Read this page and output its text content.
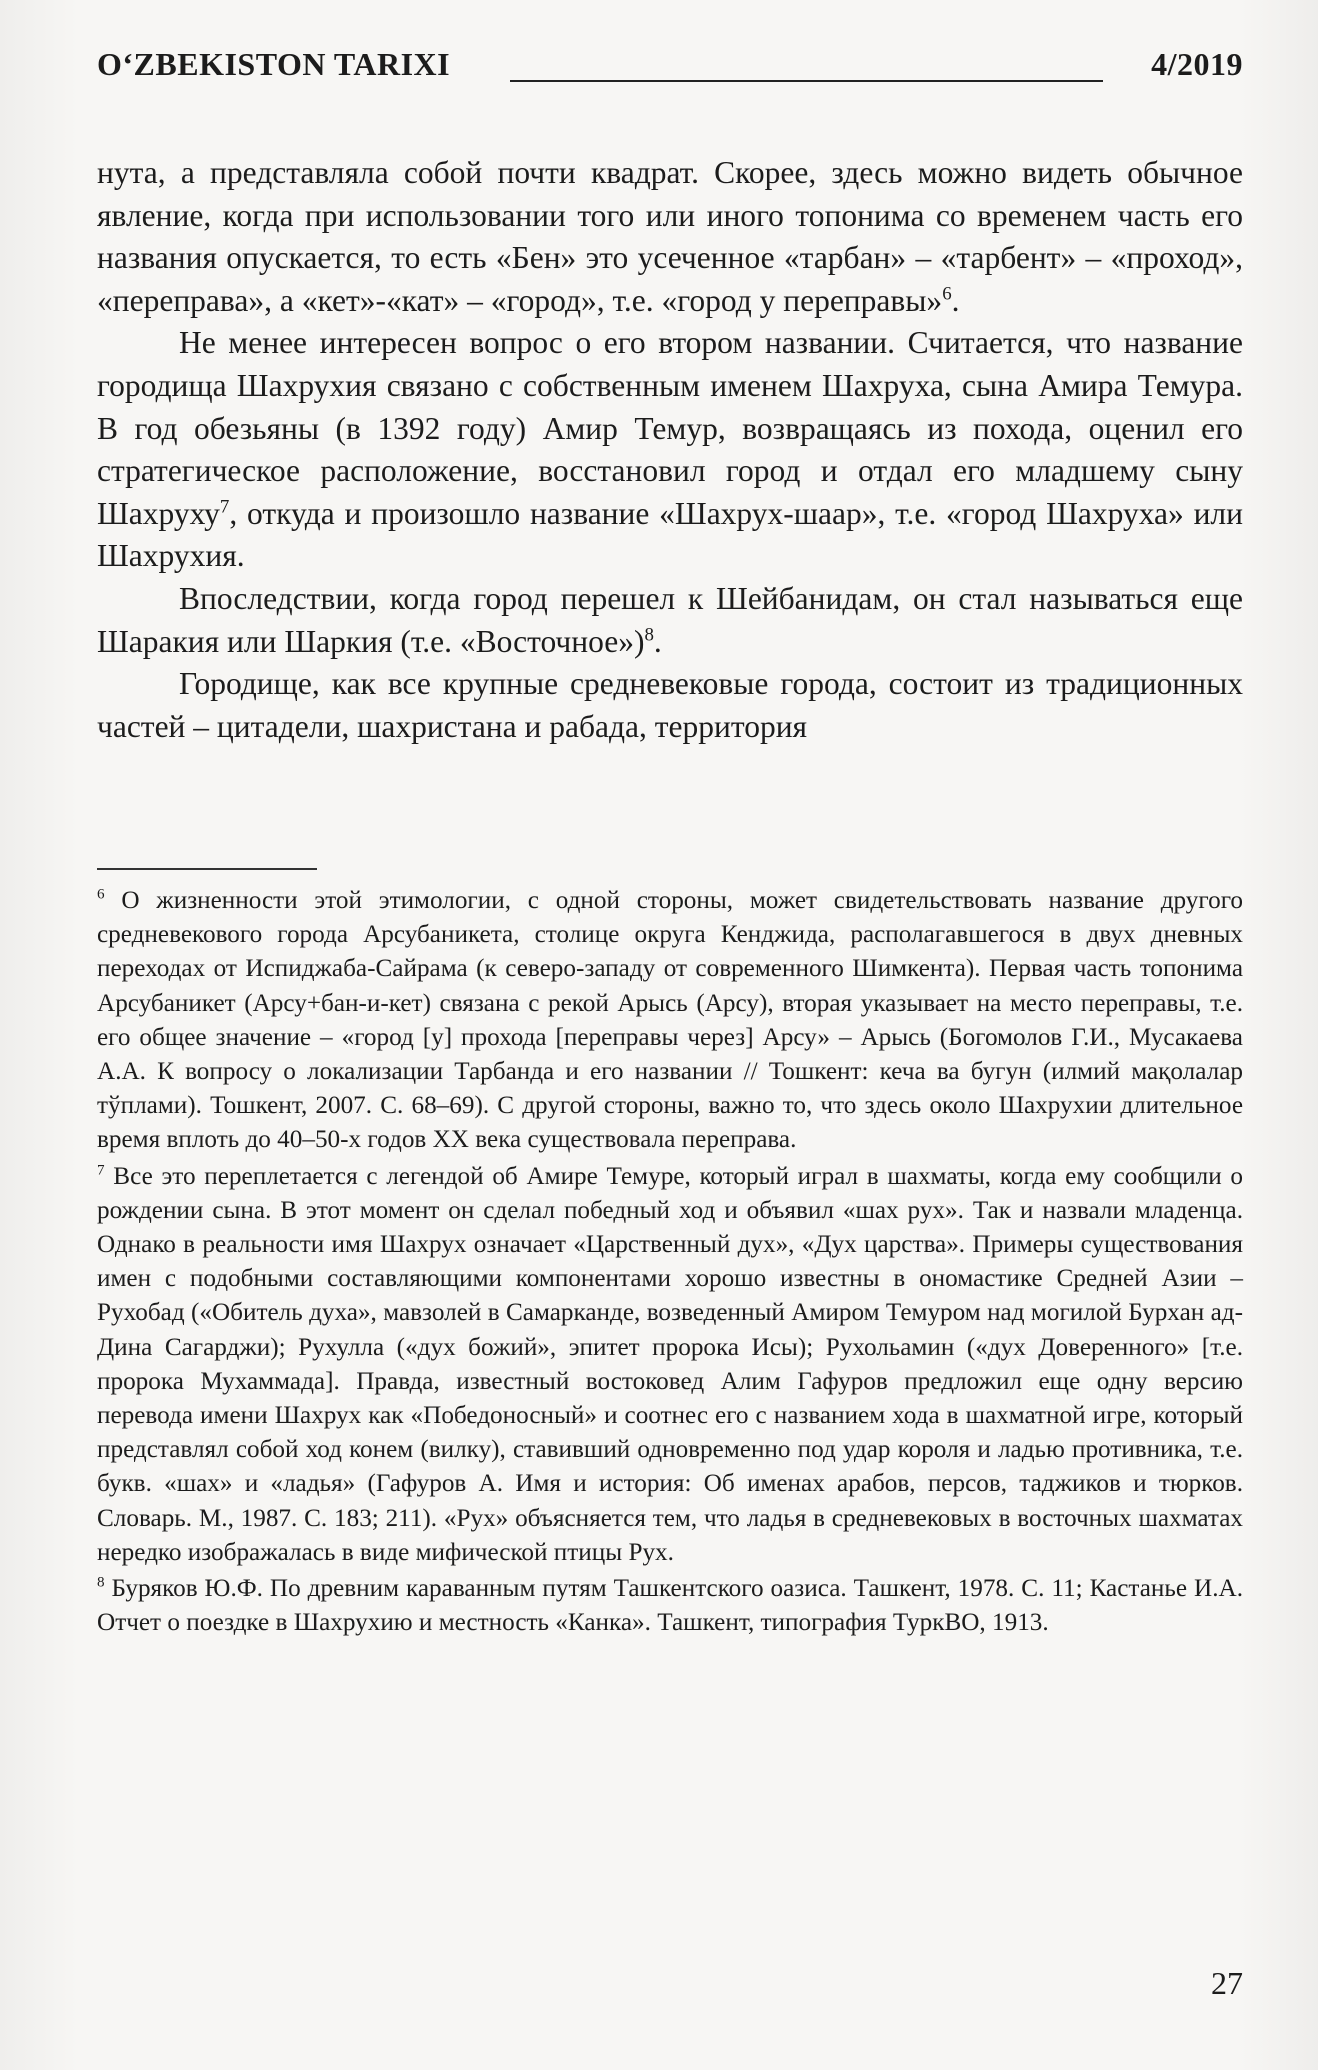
O‘ZBEKISTON TARIXI	4/2019

нута, а представляла собой почти квадрат. Скорее, здесь можно видеть обычное явление, когда при использовании того или иного топонима со временем часть его названия опускается, то есть «Бен» это усеченное «тарбан» – «тарбент» – «проход», «переправа», а «кет»-«кат» – «город», т.е. «город у переправы»$^6$.

Не менее интересен вопрос о его втором названии. Считается, что название городища Шахрухия связано с собственным именем Шахруха, сына Амира Темура. В год обезьяны (в 1392 году) Амир Темур, возвращаясь из похода, оценил его стратегическое расположение, восстановил город и отдал его младшему сыну Шахруху$^7$, откуда и произошло название «Шахрух-шаар», т.е. «город Шахруха» или Шахрухия.

Впоследствии, когда город перешел к Шейбанидам, он стал называться еще Шаракия или Шаркия (т.е. «Восточное»)$^8$.

Городище, как все крупные средневековые города, состоит из традиционных частей – цитадели, шахристана и рабада, территория

$^6$ О жизненности этой этимологии, с одной стороны, может свидетельствовать название другого средневекового города Арсубаникета, столице округа Кенджида, располагавшегося в двух дневных переходах от Испиджаба-Сайрама (к северо-западу от современного Шимкента). Первая часть топонима Арсубаникет (Арсу+бан-и-кет) связана с рекой Арысь (Арсу), вторая указывает на место переправы, т.е. его общее значение – «город [у] прохода [переправы через] Арсу» – Арысь (Богомолов Г.И., Мусакаева А.А. К вопросу о локализации Тарбанда и его названии // Тошкент: кеча ва бугун (илмий мақолалар тўплами). Тошкент, 2007. С. 68–69). С другой стороны, важно то, что здесь около Шахрухии длительное время вплоть до 40–50-х годов XX века существовала переправа.

$^7$ Все это переплетается с легендой об Амире Темуре, который играл в шахматы, когда ему сообщили о рождении сына. В этот момент он сделал победный ход и объявил «шах рух». Так и назвали младенца. Однако в реальности имя Шахрух означает «Царственный дух», «Дух царства». Примеры существования имен с подобными составляющими компонентами хорошо известны в ономастике Средней Азии – Рухобад («Обитель духа», мавзолей в Самарканде, возведенный Амиром Темуром над могилой Бурхан ад-Дина Сагарджи); Рухулла («дух божий», эпитет пророка Исы); Рухольамин («дух Доверенного» [т.е. пророка Мухаммада]. Правда, известный востоковед Алим Гафуров предложил еще одну версию перевода имени Шахрух как «Победоносный» и соотнес его с названием хода в шахматной игре, который представлял собой ход конем (вилку), ставивший одновременно под удар короля и ладью противника, т.е. букв. «шах» и «ладья» (Гафуров А. Имя и история: Об именах арабов, персов, таджиков и тюрков. Словарь. М., 1987. С. 183; 211). «Рух» объясняется тем, что ладья в средневековых в восточных шахматах нередко изображалась в виде мифической птицы Рух.

$^8$ Буряков Ю.Ф. По древним караванным путям Ташкентского оазиса. Ташкент, 1978. С. 11; Кастанье И.А. Отчет о поездке в Шахрухию и местность «Канка». Ташкент, типография ТуркВО, 1913.

27
